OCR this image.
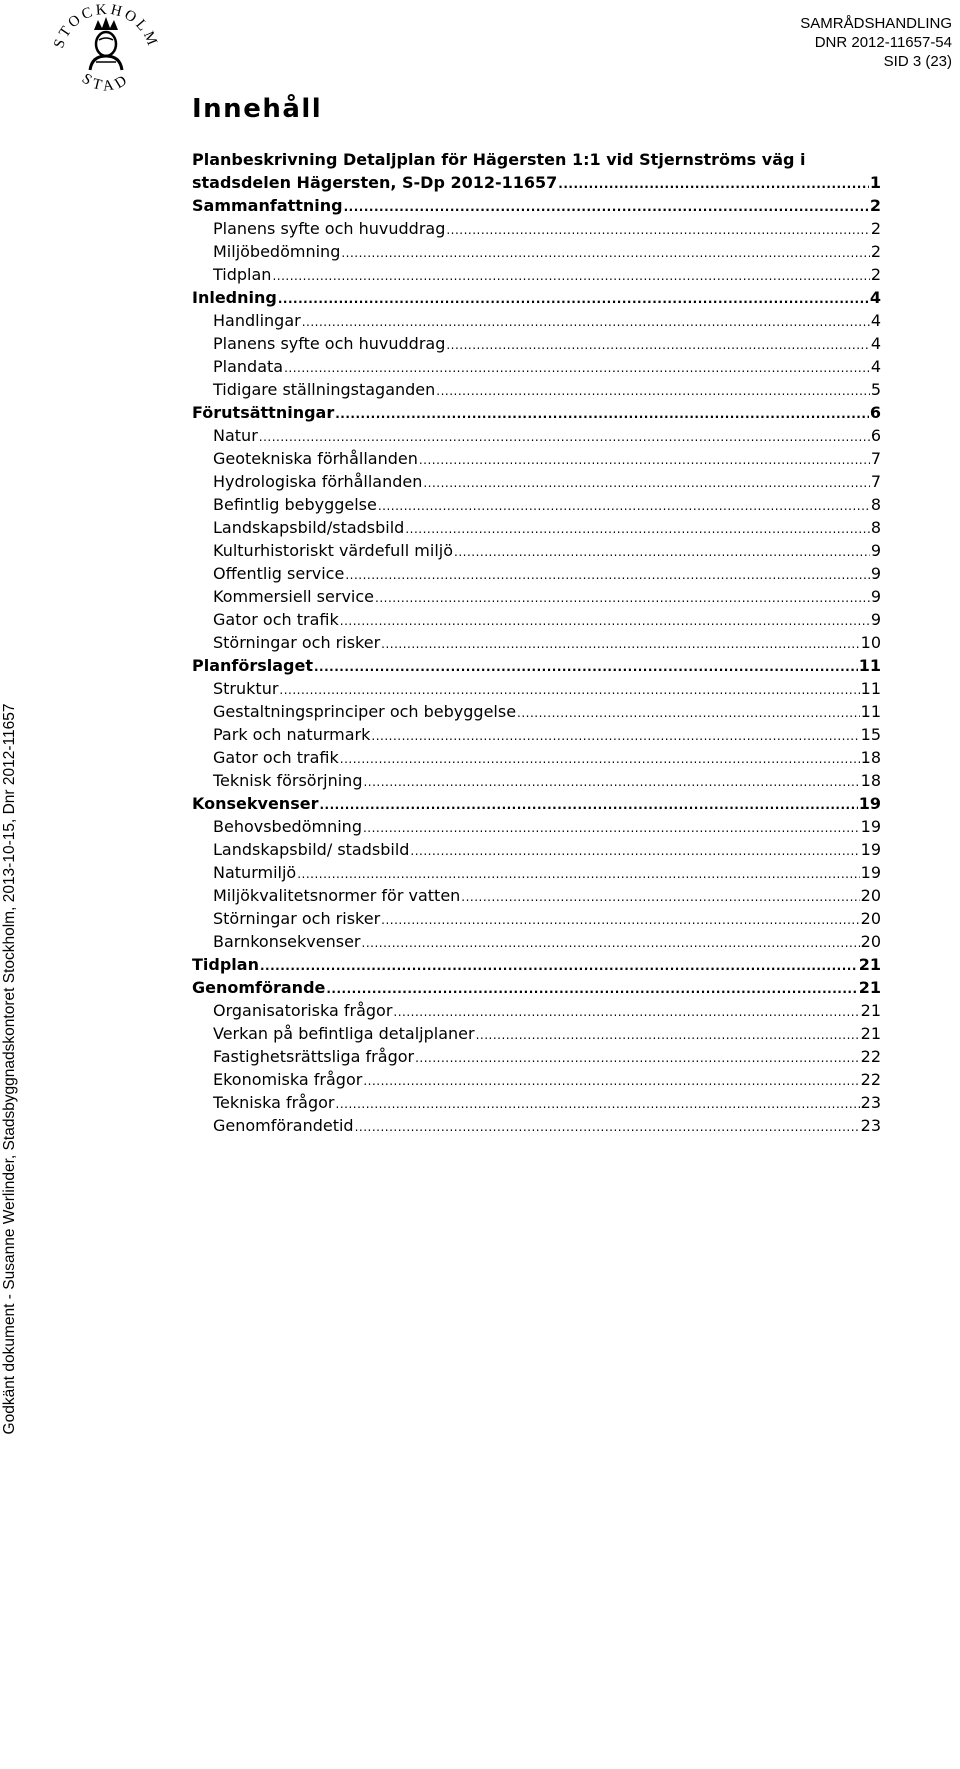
STOCKHOLM
STAD
SAMRÅDSHANDLING
DNR 2012-11657-54
SID 3 (23)
Godkänt dokument - Susanne Werlinder, Stadsbyggnadskontoret Stockholm, 2013-10-15, Dnr 2012-11657
Innehåll
Planbeskrivning Detaljplan för Hägersten 1:1 vid Stjernströms väg i
stadsdelen Hägersten, S-Dp 2012-11657 .....	1
Sammanfattning .....	2
Planens syfte och huvuddrag .....	2
Miljöbedömning .....	2
Tidplan .....	2
Inledning .....	4
Handlingar .....	4
Planens syfte och huvuddrag .....	4
Plandata .....	4
Tidigare ställningstaganden .....	5
Förutsättningar .....	6
Natur .....	6
Geotekniska förhållanden .....	7
Hydrologiska förhållanden .....	7
Befintlig bebyggelse .....	8
Landskapsbild/stadsbild .....	8
Kulturhistoriskt värdefull miljö .....	9
Offentlig service .....	9
Kommersiell service .....	9
Gator och trafik .....	9
Störningar och risker .....	10
Planförslaget .....	11
Struktur .....	11
Gestaltningsprinciper och bebyggelse .....	11
Park och naturmark .....	15
Gator och trafik .....	18
Teknisk försörjning .....	18
Konsekvenser .....	19
Behovsbedömning .....	19
Landskapsbild/ stadsbild .....	19
Naturmiljö .....	19
Miljökvalitetsnormer för vatten .....	20
Störningar och risker .....	20
Barnkonsekvenser .....	20
Tidplan .....	21
Genomförande .....	21
Organisatoriska frågor .....	21
Verkan på befintliga detaljplaner .....	21
Fastighetsrättsliga frågor .....	22
Ekonomiska frågor .....	22
Tekniska frågor .....	23
Genomförandetid .....	23
